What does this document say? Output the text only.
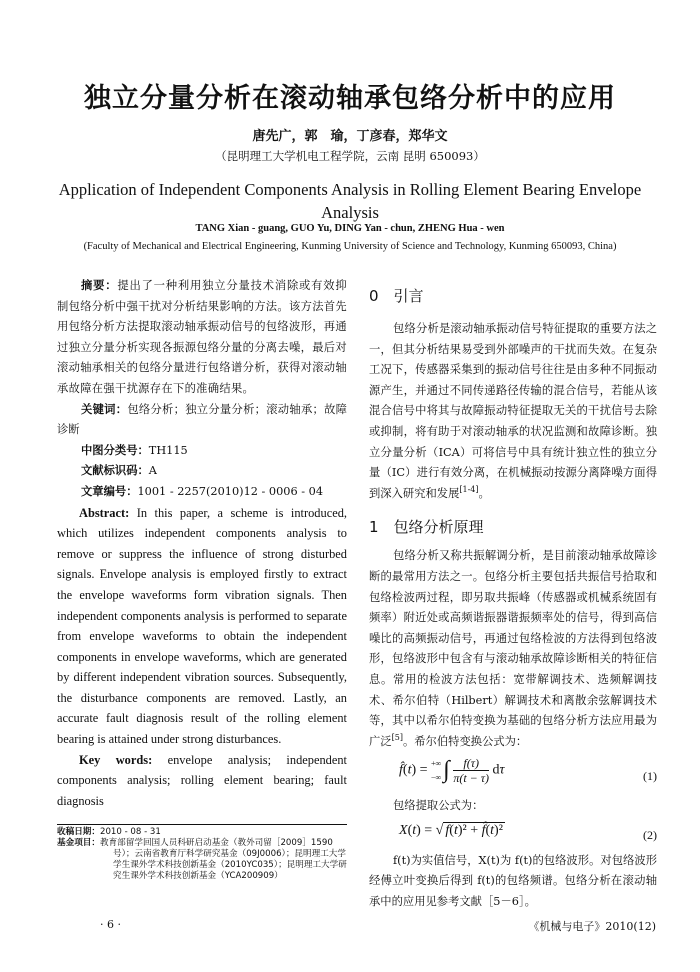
独立分量分析在滚动轴承包络分析中的应用
唐先广，郭　瑜，丁彦春，郑华文
（昆明理工大学机电工程学院，云南 昆明 650093）
Application of Independent Components Analysis in Rolling Element Bearing Envelope Analysis
TANG Xian - guang, GUO Yu, DING Yan - chun, ZHENG Hua - wen
(Faculty of Mechanical and Electrical Engineering, Kunming University of Science and Technology, Kunming 650093, China)

摘要：提出了一种利用独立分量技术消除或有效抑制包络分析中强干扰对分析结果影响的方法。该方法首先用包络分析方法提取滚动轴承振动信号的包络波形，再通过独立分量分析实现各振源包络分量的分离去噪，最后对滚动轴承相关的包络分量进行包络谱分析，获得对滚动轴承故障在强干扰源存在下的准确结果。

关键词：包络分析；独立分量分析；滚动轴承；故障诊断

中图分类号：TH115

文献标识码：A

文章编号：1001 - 2257(2010)12 - 0006 - 04

Abstract: In this paper, a scheme is introduced, which utilizes independent components analysis to remove or suppress the influence of strong disturbed signals. Envelope analysis is employed firstly to extract the envelope waveforms form vibration signals. Then independent components analysis is performed to separate from envelope waveforms to obtain the independent components in envelope waveforms, which are generated by different independent vibration sources. Subsequently, the disturbance components are removed. Lastly, an accurate fault diagnosis result of the rolling element bearing is attained under strong disturbances.

Key words: envelope analysis; independent components analysis; rolling element bearing; fault diagnosis

收稿日期：2010 - 08 - 31
基金项目：教育部留学回国人员科研启动基金（教外司留［2009］1590号）；云南省教育厅科学研究基金（09J0006）；昆明理工大学学生课外学术科技创新基金（2010YC035）；昆明理工大学研究生课外学术科技创新基金（YCA200909）

0　引言

包络分析是滚动轴承振动信号特征提取的重要方法之一，但其分析结果易受到外部噪声的干扰而失效。在复杂工况下，传感器采集到的振动信号往往是由多种不同振动源产生，并通过不同传递路径传输的混合信号，若能从该混合信号中将其与故障振动特征提取无关的干扰信号去除或抑制，将有助于对滚动轴承的状况监测和故障诊断。独立分量分析（ICA）可将信号中具有统计独立性的独立分量（IC）进行有效分离，在机械振动按源分离降噪方面得到深入研究和发展[1-4]。

1　包络分析原理

包络分析又称共振解调分析，是目前滚动轴承故障诊断的最常用方法之一。包络分析主要包括共振信号拾取和包络检波两过程，即另取共振峰（传感器或机械系统固有频率）附近处或高频谐振器谐振频率处的信号，得到高信噪比的高频振动信号，再通过包络检波的方法得到包络波形，包络波形中包含有与滚动轴承故障诊断相关的特征信息。常用的检波方法包括：宽带解调技术、选频解调技术、希尔伯特（Hilbert）解调技术和离散余弦解调技术等，其中以希尔伯特变换为基础的包络分析方法应用最为广泛[5]。希尔伯特变换公式为：

f̂(t) = +∞
−∞ ∫ $\frac{f(\tau)}{\pi(t - \tau)}$ dτ	(1)

包络提取公式为：

X(t) = √ f(t)² + f̂(t)²	(2)

f(t)为实值信号，X(t)为 f(t)的包络波形。对包络波形经傅立叶变换后得到 f(t)的包络频谱。包络分析在滚动轴承中的应用见参考文献［5－6］。

· 6 ·	《机械与电子》2010(12)
